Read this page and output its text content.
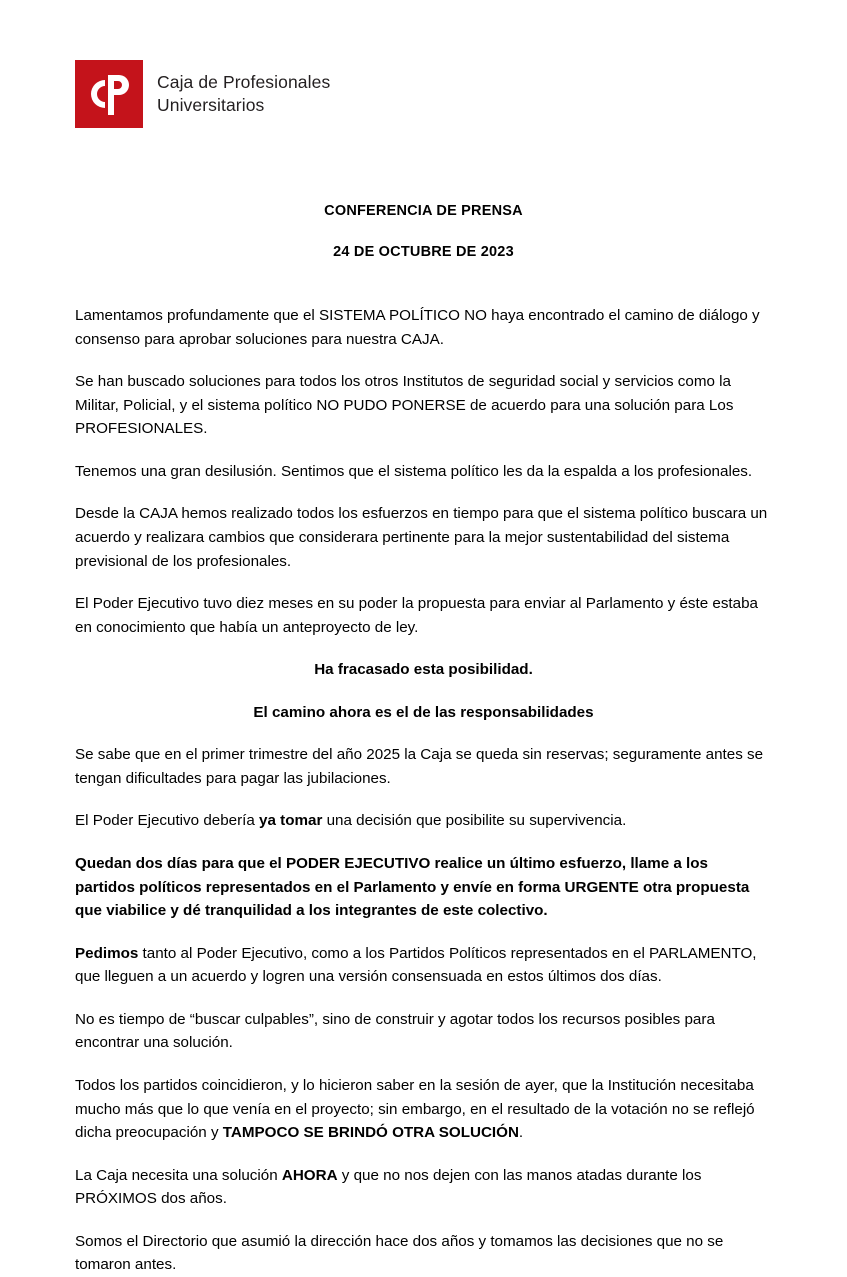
Caja de Profesionales
Universitarios
CONFERENCIA DE PRENSA
24 DE OCTUBRE DE 2023

Lamentamos profundamente que el SISTEMA POLÍTICO NO haya encontrado el camino de diálogo y consenso para aprobar soluciones para nuestra CAJA.

Se han buscado soluciones para todos los otros Institutos de seguridad social y servicios como la Militar, Policial, y el sistema político NO PUDO PONERSE de acuerdo para una solución para Los PROFESIONALES.

Tenemos una gran desilusión. Sentimos que el sistema político les da la espalda a los profesionales.

Desde la CAJA hemos realizado todos los esfuerzos en tiempo para que el sistema político buscara un acuerdo y realizara cambios que considerara pertinente para la mejor sustentabilidad del sistema previsional de los profesionales.

El Poder Ejecutivo tuvo diez meses en su poder la propuesta para enviar al Parlamento y éste estaba en conocimiento que había un anteproyecto de ley.

Ha fracasado esta posibilidad.

El camino ahora es el de las responsabilidades

Se sabe que en el primer trimestre del año 2025 la Caja se queda sin reservas; seguramente antes se tengan dificultades para pagar las jubilaciones.

El Poder Ejecutivo debería ya tomar una decisión que posibilite su supervivencia.

Quedan dos días para que el PODER EJECUTIVO realice un último esfuerzo, llame a los partidos políticos representados en el Parlamento y envíe en forma URGENTE otra propuesta que viabilice y dé tranquilidad a los integrantes de este colectivo.

Pedimos tanto al Poder Ejecutivo, como a los Partidos Políticos representados en el PARLAMENTO, que lleguen a un acuerdo y logren una versión consensuada en estos últimos dos días.

No es tiempo de “buscar culpables”, sino de construir y agotar todos los recursos posibles para encontrar una solución.

Todos los partidos coincidieron, y lo hicieron saber en la sesión de ayer, que la Institución necesitaba mucho más que lo que venía en el proyecto; sin embargo, en el resultado de la votación no se reflejó dicha preocupación y TAMPOCO SE BRINDÓ OTRA SOLUCIÓN.

La Caja necesita una solución AHORA y que no nos dejen con las manos atadas durante los PRÓXIMOS dos años.

Somos el Directorio que asumió la dirección hace dos años y tomamos las decisiones que no se tomaron antes.
